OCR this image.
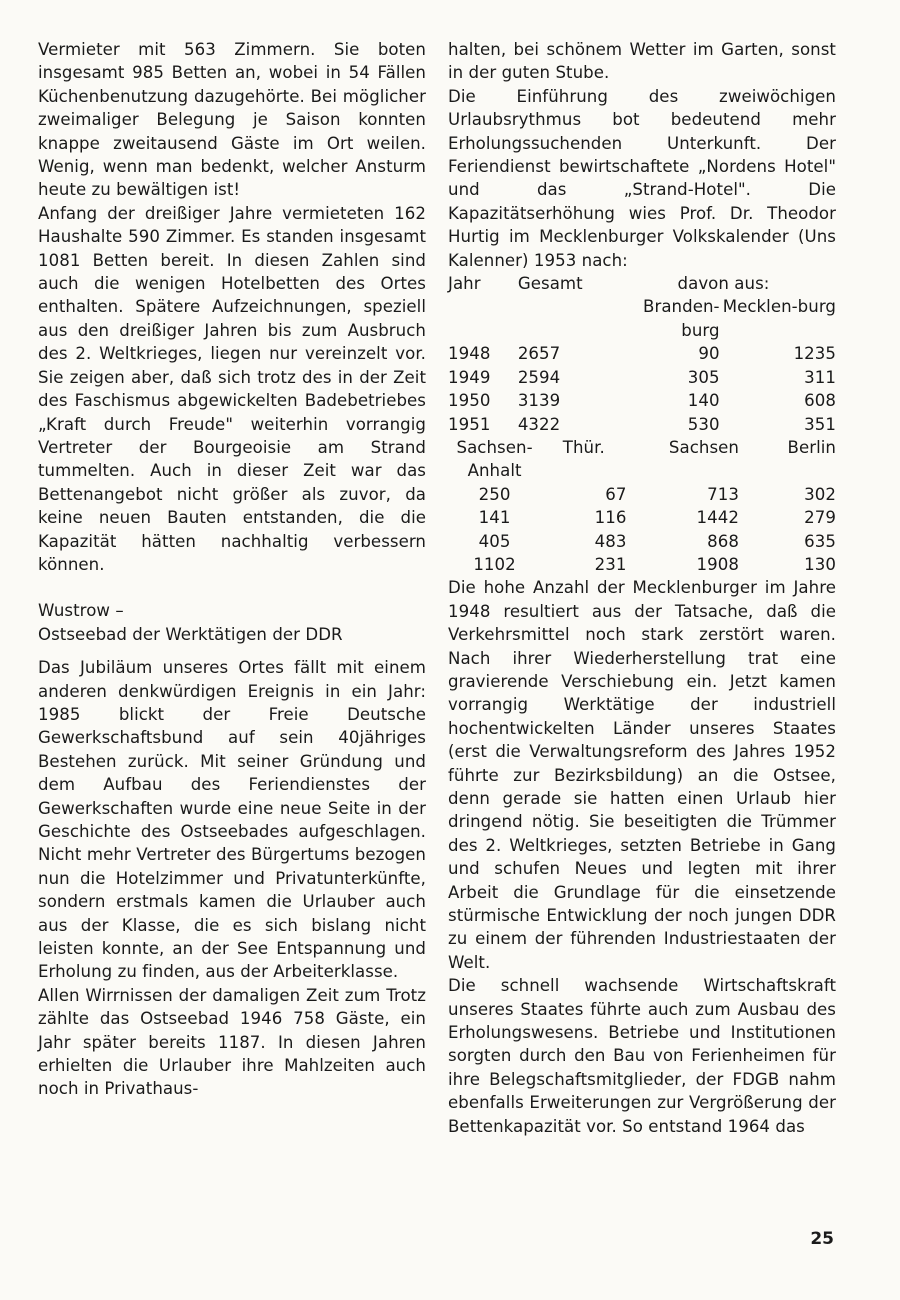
Vermieter mit 563 Zimmern. Sie boten insgesamt 985 Betten an, wobei in 54 Fällen Küchenbenutzung dazugehörte. Bei möglicher zweimaliger Belegung je Saison konnten knappe zweitausend Gäste im Ort weilen. Wenig, wenn man bedenkt, welcher Ansturm heute zu bewältigen ist!

Anfang der dreißiger Jahre vermieteten 162 Haushalte 590 Zimmer. Es standen insgesamt 1081 Betten bereit. In diesen Zahlen sind auch die wenigen Hotelbetten des Ortes enthalten. Spätere Aufzeichnungen, speziell aus den dreißiger Jahren bis zum Ausbruch des 2. Weltkrieges, liegen nur vereinzelt vor. Sie zeigen aber, daß sich trotz des in der Zeit des Faschismus abgewickelten Badebetriebes „Kraft durch Freude" weiterhin vorrangig Vertreter der Bourgeoisie am Strand tummelten. Auch in dieser Zeit war das Bettenangebot nicht größer als zuvor, da keine neuen Bauten entstanden, die die Kapazität hätten nachhaltig verbessern können.

Wustrow –

Ostseebad der Werktätigen der DDR

Das Jubiläum unseres Ortes fällt mit einem anderen denkwürdigen Ereignis in ein Jahr: 1985 blickt der Freie Deutsche Gewerkschaftsbund auf sein 40jähriges Bestehen zurück. Mit seiner Gründung und dem Aufbau des Feriendienstes der Gewerkschaften wurde eine neue Seite in der Geschichte des Ostseebades aufgeschlagen. Nicht mehr Vertreter des Bürgertums bezogen nun die Hotelzimmer und Privatunterkünfte, sondern erstmals kamen die Urlauber auch aus der Klasse, die es sich bislang nicht leisten konnte, an der See Entspannung und Erholung zu finden, aus der Arbeiterklasse.

Allen Wirrnissen der damaligen Zeit zum Trotz zählte das Ostseebad 1946 758 Gäste, ein Jahr später bereits 1187. In diesen Jahren erhielten die Urlauber ihre Mahlzeiten auch noch in Privathaus-

halten, bei schönem Wetter im Garten, sonst in der guten Stube.

Die Einführung des zweiwöchigen Urlaubsrythmus bot bedeutend mehr Erholungssuchenden Unterkunft. Der Feriendienst bewirtschaftete „Nordens Hotel" und das „Strand-Hotel". Die Kapazitätserhöhung wies Prof. Dr. Theodor Hurtig im Mecklenburger Volkskalender (Uns Kalenner) 1953 nach:

Jahr	Gesamt	davon aus:	
		Branden-burg	Mecklen-burg
1948	2657	90	1235
1949	2594	305	311
1950	3139	140	608
1951	4322	530	351
Sachsen-Anhalt	Thür.	Sachsen	Berlin
250	67	713	302
141	116	1442	279
405	483	868	635
1102	231	1908	130

Die hohe Anzahl der Mecklenburger im Jahre 1948 resultiert aus der Tatsache, daß die Verkehrsmittel noch stark zerstört waren. Nach ihrer Wiederherstellung trat eine gravierende Verschiebung ein. Jetzt kamen vorrangig Werktätige der industriell hochentwickelten Länder unseres Staates (erst die Verwaltungsreform des Jahres 1952 führte zur Bezirksbildung) an die Ostsee, denn gerade sie hatten einen Urlaub hier dringend nötig. Sie beseitigten die Trümmer des 2. Weltkrieges, setzten Betriebe in Gang und schufen Neues und legten mit ihrer Arbeit die Grundlage für die einsetzende stürmische Entwicklung der noch jungen DDR zu einem der führenden Industriestaaten der Welt.

Die schnell wachsende Wirtschaftskraft unseres Staates führte auch zum Ausbau des Erholungswesens. Betriebe und Institutionen sorgten durch den Bau von Ferienheimen für ihre Belegschaftsmitglieder, der FDGB nahm ebenfalls Erweiterungen zur Vergrößerung der Bettenkapazität vor. So entstand 1964 das

25
